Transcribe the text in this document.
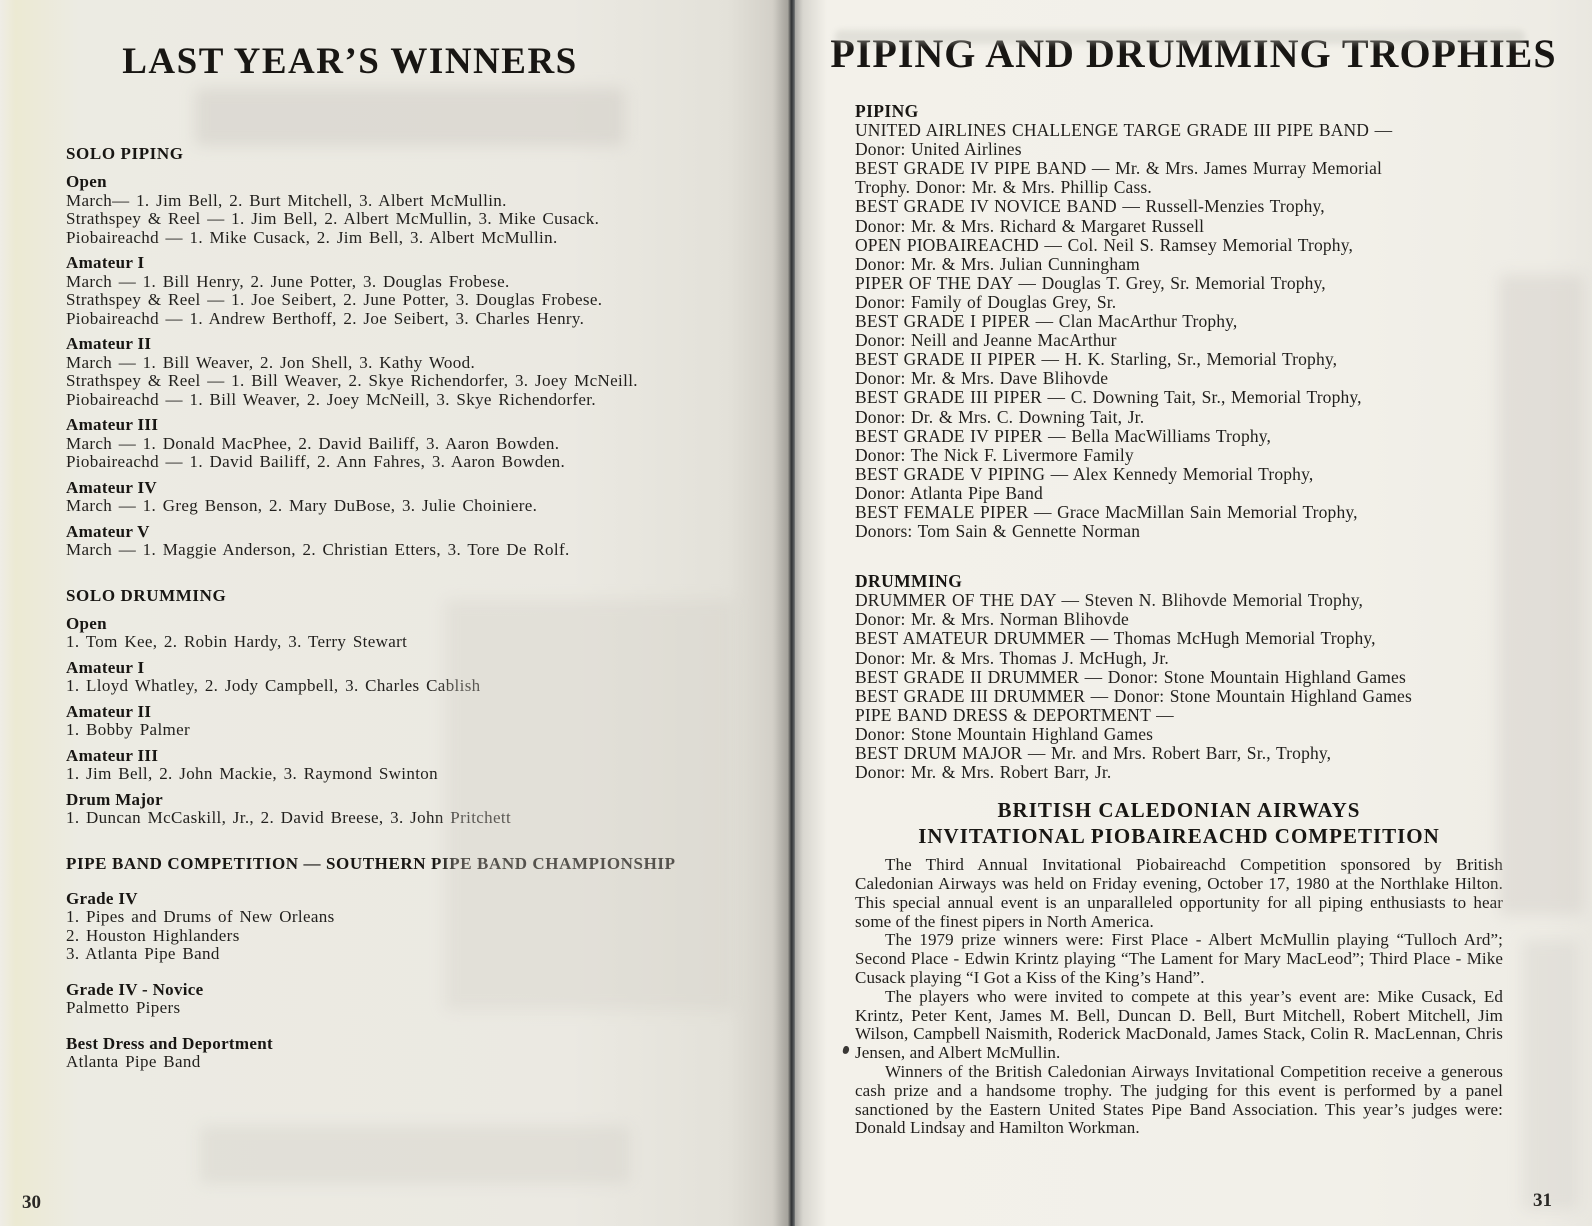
LAST YEAR’S WINNERS
SOLO PIPING
Open
March— 1. Jim Bell, 2. Burt Mitchell, 3. Albert McMullin.
Strathspey & Reel — 1. Jim Bell, 2. Albert McMullin, 3. Mike Cusack.
Piobaireachd — 1. Mike Cusack, 2. Jim Bell, 3. Albert McMullin.
Amateur I
March — 1. Bill Henry, 2. June Potter, 3. Douglas Frobese.
Strathspey & Reel — 1. Joe Seibert, 2. June Potter, 3. Douglas Frobese.
Piobaireachd — 1. Andrew Berthoff, 2. Joe Seibert, 3. Charles Henry.
Amateur II
March — 1. Bill Weaver, 2. Jon Shell, 3. Kathy Wood.
Strathspey & Reel — 1. Bill Weaver, 2. Skye Richendorfer, 3. Joey McNeill.
Piobaireachd — 1. Bill Weaver, 2. Joey McNeill, 3. Skye Richendorfer.
Amateur III
March — 1. Donald MacPhee, 2. David Bailiff, 3. Aaron Bowden.
Piobaireachd — 1. David Bailiff, 2. Ann Fahres, 3. Aaron Bowden.
Amateur IV
March — 1. Greg Benson, 2. Mary DuBose, 3. Julie Choiniere.
Amateur V
March — 1. Maggie Anderson, 2. Christian Etters, 3. Tore De Rolf.
SOLO DRUMMING
Open
1. Tom Kee, 2. Robin Hardy, 3. Terry Stewart
Amateur I
1. Lloyd Whatley, 2. Jody Campbell, 3. Charles Cablish
Amateur II
1. Bobby Palmer
Amateur III
1. Jim Bell, 2. John Mackie, 3. Raymond Swinton
Drum Major
1. Duncan McCaskill, Jr., 2. David Breese, 3. John Pritchett
PIPE BAND COMPETITION — SOUTHERN PIPE BAND CHAMPIONSHIP
Grade IV
1. Pipes and Drums of New Orleans
2. Houston Highlanders
3. Atlanta Pipe Band
Grade IV - Novice
Palmetto Pipers
Best Dress and Deportment
Atlanta Pipe Band
30
PIPING AND DRUMMING TROPHIES
PIPING
UNITED AIRLINES CHALLENGE TARGE GRADE III PIPE BAND —
Donor: United Airlines
BEST GRADE IV PIPE BAND — Mr. & Mrs. James Murray Memorial
Trophy. Donor: Mr. & Mrs. Phillip Cass.
BEST GRADE IV NOVICE BAND — Russell-Menzies Trophy,
Donor: Mr. & Mrs. Richard & Margaret Russell
OPEN PIOBAIREACHD — Col. Neil S. Ramsey Memorial Trophy,
Donor: Mr. & Mrs. Julian Cunningham
PIPER OF THE DAY — Douglas T. Grey, Sr. Memorial Trophy,
Donor: Family of Douglas Grey, Sr.
BEST GRADE I PIPER — Clan MacArthur Trophy,
Donor: Neill and Jeanne MacArthur
BEST GRADE II PIPER — H. K. Starling, Sr., Memorial Trophy,
Donor: Mr. & Mrs. Dave Blihovde
BEST GRADE III PIPER — C. Downing Tait, Sr., Memorial Trophy,
Donor: Dr. & Mrs. C. Downing Tait, Jr.
BEST GRADE IV PIPER — Bella MacWilliams Trophy,
Donor: The Nick F. Livermore Family
BEST GRADE V PIPING — Alex Kennedy Memorial Trophy,
Donor: Atlanta Pipe Band
BEST FEMALE PIPER — Grace MacMillan Sain Memorial Trophy,
Donors: Tom Sain & Gennette Norman
DRUMMING
DRUMMER OF THE DAY — Steven N. Blihovde Memorial Trophy,
Donor: Mr. & Mrs. Norman Blihovde
BEST AMATEUR DRUMMER — Thomas McHugh Memorial Trophy,
Donor: Mr. & Mrs. Thomas J. McHugh, Jr.
BEST GRADE II DRUMMER — Donor: Stone Mountain Highland Games
BEST GRADE III DRUMMER — Donor: Stone Mountain Highland Games
PIPE BAND DRESS & DEPORTMENT —
Donor: Stone Mountain Highland Games
BEST DRUM MAJOR — Mr. and Mrs. Robert Barr, Sr., Trophy,
Donor: Mr. & Mrs. Robert Barr, Jr.
BRITISH CALEDONIAN AIRWAYS
INVITATIONAL PIOBAIREACHD COMPETITION

The Third Annual Invitational Piobaireachd Competition sponsored by British Caledonian Airways was held on Friday evening, October 17, 1980 at the Northlake Hilton. This special annual event is an unparalleled opportunity for all piping enthusiasts to hear some of the finest pipers in North America.

The 1979 prize winners were: First Place - Albert McMullin playing “Tulloch Ard”; Second Place - Edwin Krintz playing “The Lament for Mary MacLeod”; Third Place - Mike Cusack playing “I Got a Kiss of the King’s Hand”.

The players who were invited to compete at this year’s event are: Mike Cusack, Ed Krintz, Peter Kent, James M. Bell, Duncan D. Bell, Burt Mitchell, Robert Mitchell, Jim Wilson, Campbell Naismith, Roderick MacDonald, James Stack, Colin R. MacLennan, Chris Jensen, and Albert McMullin.

Winners of the British Caledonian Airways Invitational Competition receive a generous cash prize and a handsome trophy. The judging for this event is performed by a panel sanctioned by the Eastern United States Pipe Band Association. This year’s judges were: Donald Lindsay and Hamilton Workman.

31
